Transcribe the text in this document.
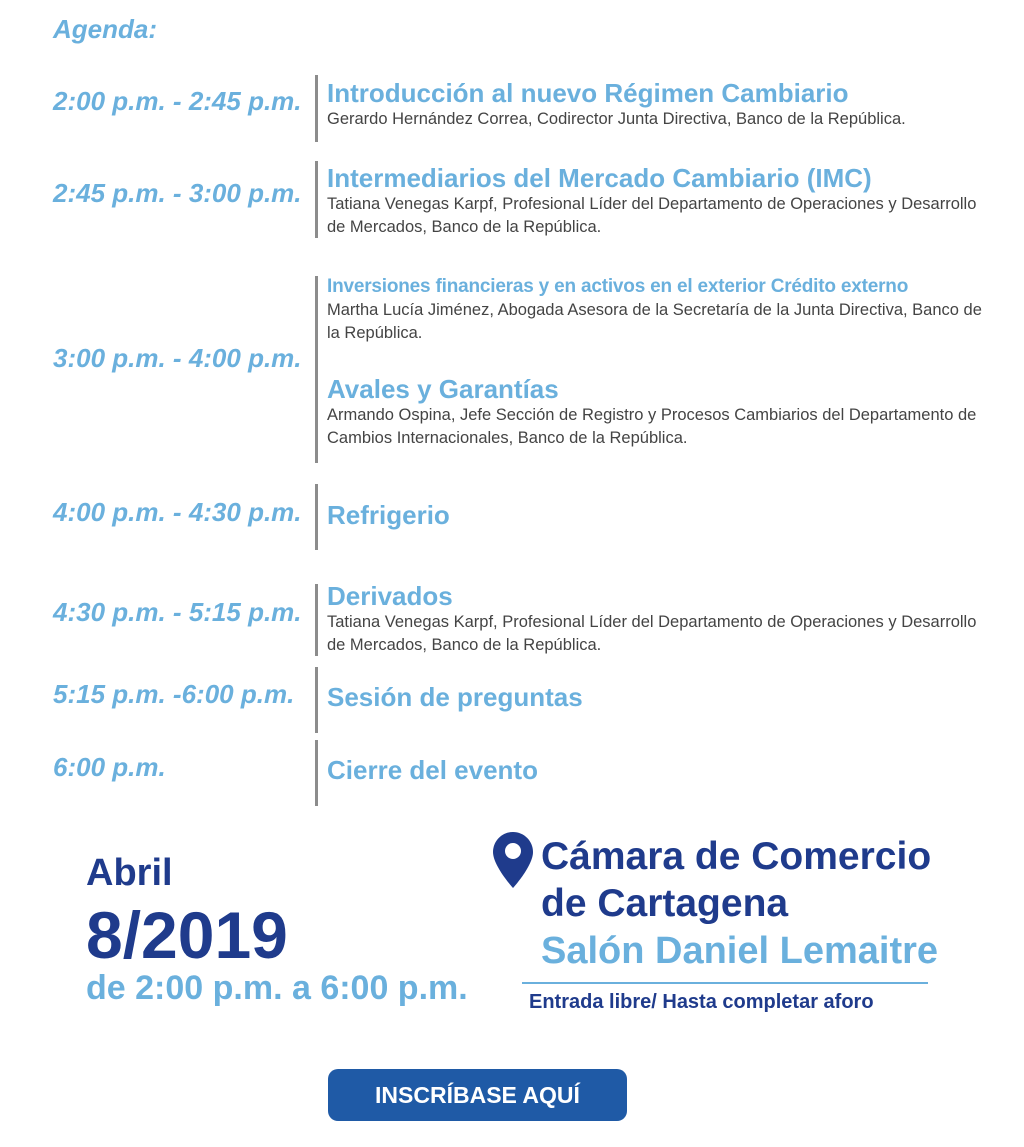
Agenda:
2:00 p.m. - 2:45 p.m. Introducción al nuevo Régimen Cambiario
Gerardo Hernández Correa, Codirector Junta Directiva, Banco de la República.
2:45 p.m. - 3:00 p.m. Intermediarios del Mercado Cambiario (IMC)
Tatiana Venegas Karpf, Profesional Líder del Departamento de Operaciones y Desarrollo de Mercados, Banco de la República.
3:00 p.m. - 4:00 p.m.
Inversiones financieras y en activos en el exterior Crédito externo
Martha Lucía Jiménez, Abogada Asesora de la Secretaría de la Junta Directiva, Banco de la República.
Avales y Garantías
Armando Ospina, Jefe Sección de Registro y Procesos Cambiarios del Departamento de Cambios Internacionales, Banco de la República.
4:00 p.m. - 4:30 p.m. Refrigerio
4:30 p.m. - 5:15 p.m.
Derivados
Tatiana Venegas Karpf, Profesional Líder del Departamento de Operaciones y Desarrollo de Mercados, Banco de la República.
5:15 p.m. -6:00 p.m. Sesión de preguntas
6:00 p.m.	Cierre del evento
Abril
8/2019
de 2:00 p.m. a 6:00 p.m.
Cámara de Comercio
de Cartagena
Salón Daniel Lemaitre
Entrada libre/ Hasta completar aforo
INSCRÍBASE AQUÍ
